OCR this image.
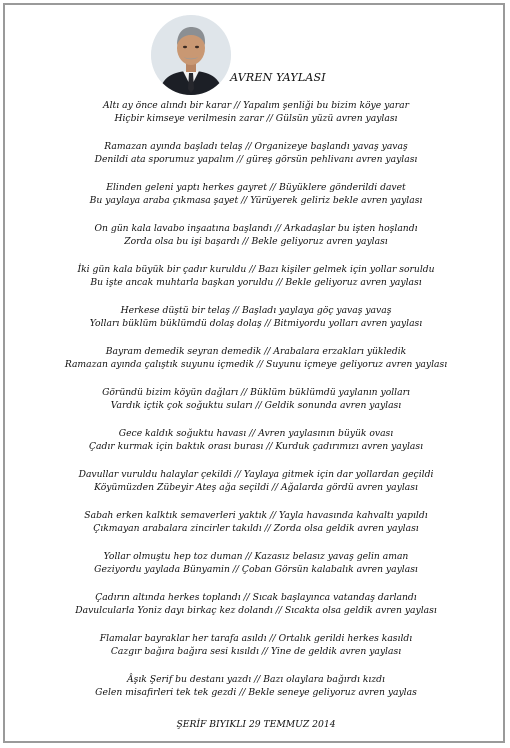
AVREN YAYLASI
Altı ay önce alındı bir karar // Yapalım şenliği bu bizim köye yarar
Hiçbir kimseye verilmesin zarar // Gülsün yüzü avren yaylası
Ramazan ayında başladı telaş // Organizeye başlandı yavaş yavaş
Denildi ata sporumuz yapalım // güreş görsün pehlivanı avren yaylası
Elinden geleni yaptı herkes gayret // Büyüklere gönderildi davet
Bu yaylaya araba çıkmasa şayet // Yürüyerek geliriz bekle avren yaylası
On gün kala lavabo inşaatına başlandı // Arkadaşlar bu işten hoşlandı
Zorda olsa bu işi başardı // Bekle geliyoruz avren yaylası
İki gün kala büyük bir çadır kuruldu // Bazı kişiler gelmek için yollar soruldu
Bu işte ancak muhtarla başkan yoruldu // Bekle geliyoruz avren yaylası
Herkese düştü bir telaş // Başladı yaylaya göç yavaş yavaş
Yolları büklüm büklümdü dolaş dolaş // Bitmiyordu yolları avren yaylası
Bayram demedik seyran demedik // Arabalara erzakları yükledik
Ramazan ayında çalıştık suyunu içmedik // Suyunu içmeye geliyoruz avren yaylası
Göründü bizim köyün dağları // Büklüm büklümdü yaylanın yolları
Vardık içtik çok soğuktu suları // Geldik sonunda avren yaylası
Gece kaldık soğuktu havası // Avren yaylasının büyük ovası
Çadır kurmak için baktık orası burası // Kurduk çadırımızı avren yaylası
Davullar vuruldu halaylar çekildi // Yaylaya gitmek için dar yollardan geçildi
Köyümüzden Zübeyir Ateş ağa seçildi // Ağalarda gördü avren yaylası
Sabah erken kalktık semaverleri yaktık // Yayla havasında kahvaltı yapıldı
Çıkmayan arabalara zincirler takıldı // Zorda olsa geldik avren yaylası
Yollar olmuştu hep toz duman // Kazasız belasız yavaş gelin aman
Geziyordu yaylada Bünyamin // Çoban Görsün kalabalık avren yaylası
Çadırın altında herkes toplandı // Sıcak başlayınca vatandaş darlandı
Davulcularla Yoniz dayı birkaç kez dolandı // Sıcakta olsa geldik avren yaylası
Flamalar bayraklar her tarafa asıldı // Ortalık gerildi herkes kasıldı
Cazgır bağıra bağıra sesi kısıldı // Yine de geldik avren yaylası
Âşık Şerif bu destanı yazdı // Bazı olaylara bağırdı kızdı
Gelen misafirleri tek tek gezdi // Bekle seneye geliyoruz avren yaylas
ŞERİF BIYIKLI 29 TEMMUZ 2014
